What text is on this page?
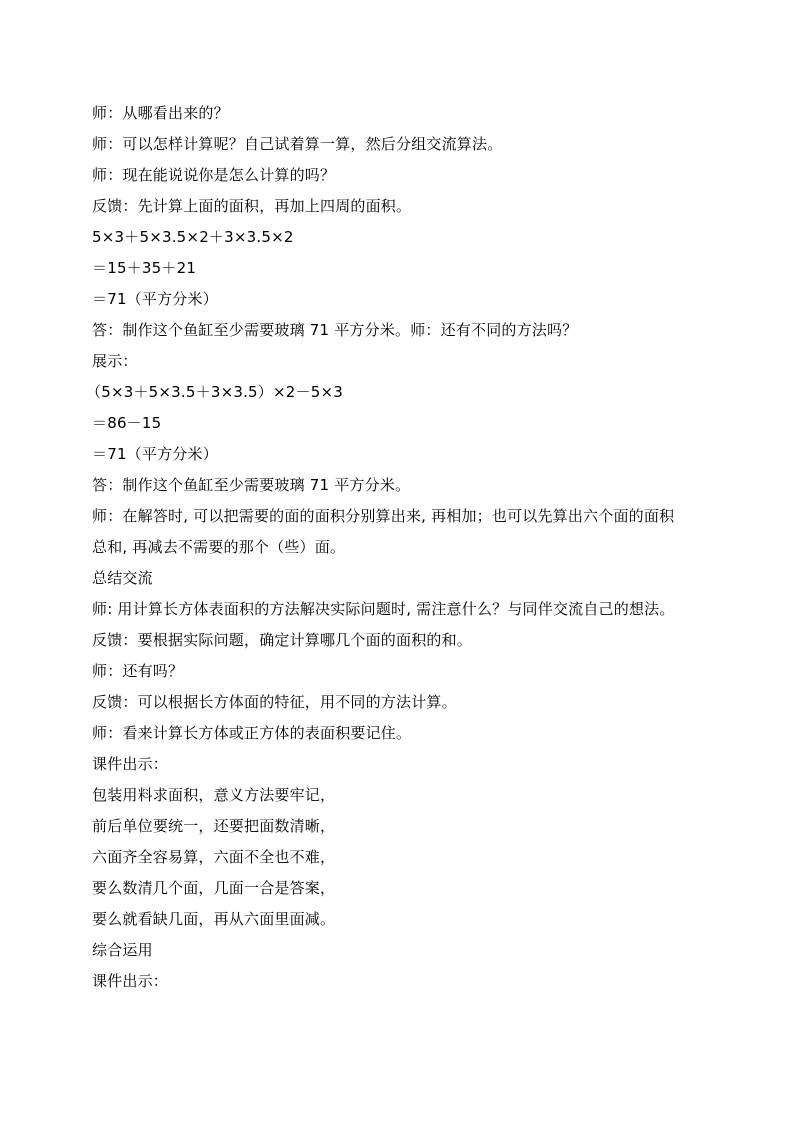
师：从哪看出来的？
师：可以怎样计算呢？自己试着算一算，然后分组交流算法。
师：现在能说说你是怎么计算的吗？
反馈：先计算上面的面积，再加上四周的面积。
5×3＋5×3.5×2＋3×3.5×2
＝15＋35＋21
＝71（平方分米）
答：制作这个鱼缸至少需要玻璃 71 平方分米。师：还有不同的方法吗？
展示：
（5×3＋5×3.5＋3×3.5）×2－5×3
＝86－15
＝71（平方分米）
答：制作这个鱼缸至少需要玻璃 71 平方分米。
师：在解答时, 可以把需要的面的面积分别算出来, 再相加；也可以先算出六个面的面积
总和, 再减去不需要的那个（些）面。
总结交流
师: 用计算长方体表面积的方法解决实际问题时, 需注意什么？与同伴交流自己的想法。
反馈：要根据实际问题，确定计算哪几个面的面积的和。
师：还有吗？
反馈：可以根据长方体面的特征，用不同的方法计算。
师：看来计算长方体或正方体的表面积要记住。
课件出示：
包装用料求面积，意义方法要牢记，
前后单位要统一，还要把面数清晰，
六面齐全容易算，六面不全也不难，
要么数清几个面，几面一合是答案，
要么就看缺几面，再从六面里面减。
综合运用
课件出示：
